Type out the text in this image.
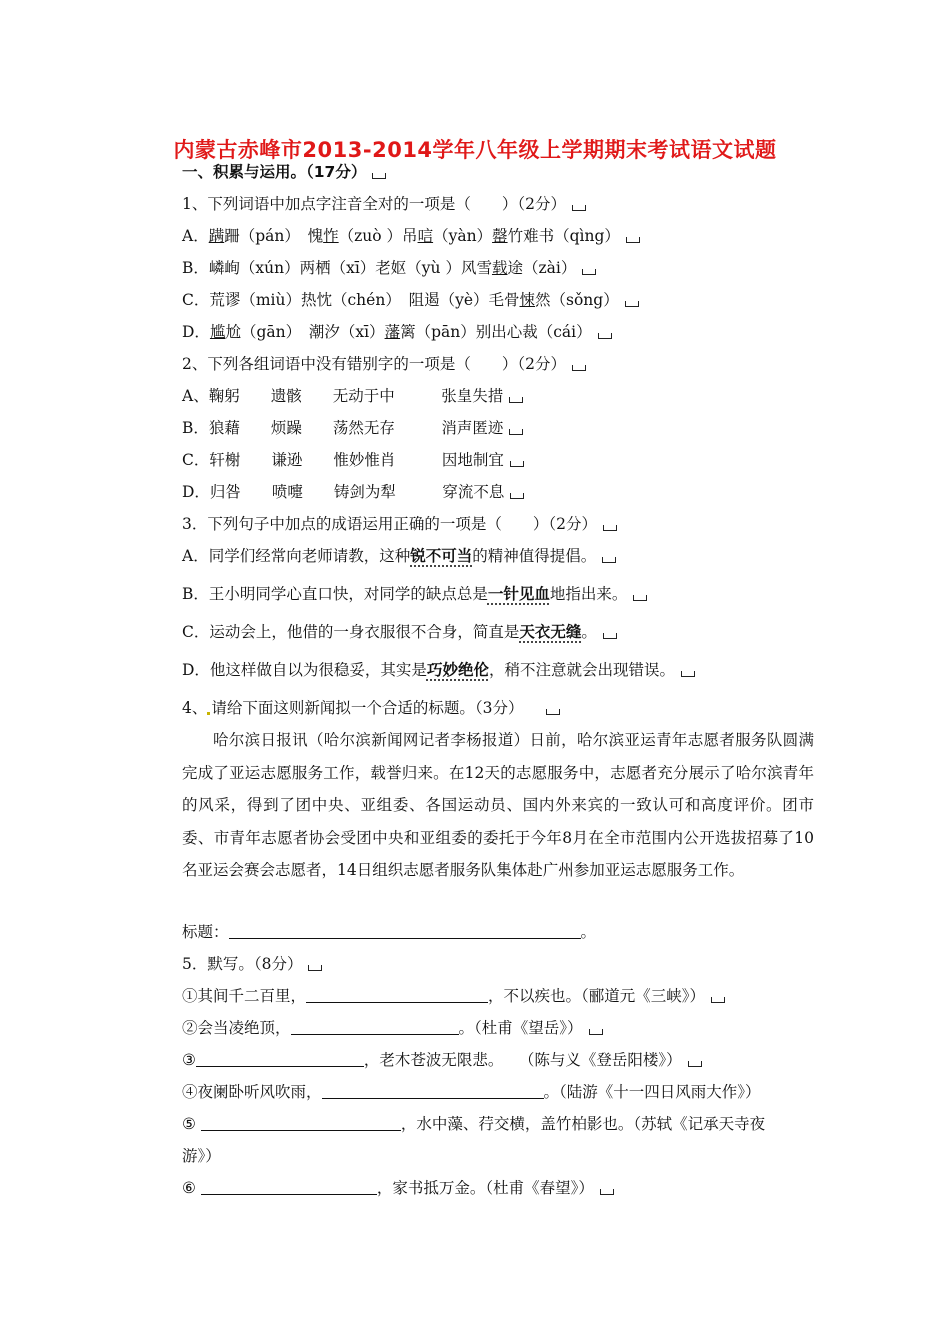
内蒙古赤峰市2013-2014学年八年级上学期期末考试语文试题
一、积累与运用。（17分）
1、下列词语中加点字注音全对的一项是（　　）（2分）
A．蹒跚（pán）　愧怍（zuò ）吊唁（yàn）罄竹难书（qìng）
B．嶙峋（xún）两栖（xī）老妪（yù ）风雪载途（zài）
C．荒谬（miù）热忱（chén）　阻遏（yè）毛骨悚然（sǒng）
D．尴尬（gān）　潮汐（xī）藩篱（pān）别出心裁（cái）
2、下列各组词语中没有错别字的一项是（　　）（2分）
A、鞠躬　　遗骸　　无动于中　　　张皇失措
B．狼藉　　烦躁　　荡然无存　　　消声匿迹
C．轩榭　　谦逊　　惟妙惟肖　　　因地制宜
D．归咎　　喷嚏　　铸剑为犁　　　穿流不息
3．下列句子中加点的成语运用正确的一项是（　　）（2分）
A．同学们经常向老师请教，这种锐不可当的精神值得提倡。
B．王小明同学心直口快，对同学的缺点总是一针见血地指出来。
C．运动会上，他借的一身衣服很不合身，简直是天衣无缝。
D．他这样做自以为很稳妥，其实是巧妙绝伦，稍不注意就会出现错误。
4、 请给下面这则新闻拟一个合适的标题。（3分）
哈尔滨日报讯（哈尔滨新闻网记者李杨报道）日前，哈尔滨亚运青年志愿者服务队圆满完成了亚运志愿服务工作，载誉归来。在12天的志愿服务中，志愿者充分展示了哈尔滨青年的风采，得到了团中央、亚组委、各国运动员、国内外来宾的一致认可和高度评价。团市委、市青年志愿者协会受团中央和亚组委的委托于今年8月在全市范围内公开选拔招募了10名亚运会赛会志愿者，14日组织志愿者服务队集体赴广州参加亚运志愿服务工作。
标题：	。
5．默写。（8分）
①其间千二百里，	，不以疾也。（郦道元《三峡》）
②会当凌绝顶，	。（杜甫《望岳》）
③	，老木苍波无限悲。　　（陈与义《登岳阳楼》）
④夜阑卧听风吹雨，	。（陆游《十一四日风雨大作》）
⑤	，水中藻、荇交横，盖竹柏影也。（苏轼《记承天寺夜
游》）
⑥	，家书抵万金。（杜甫《春望》）
